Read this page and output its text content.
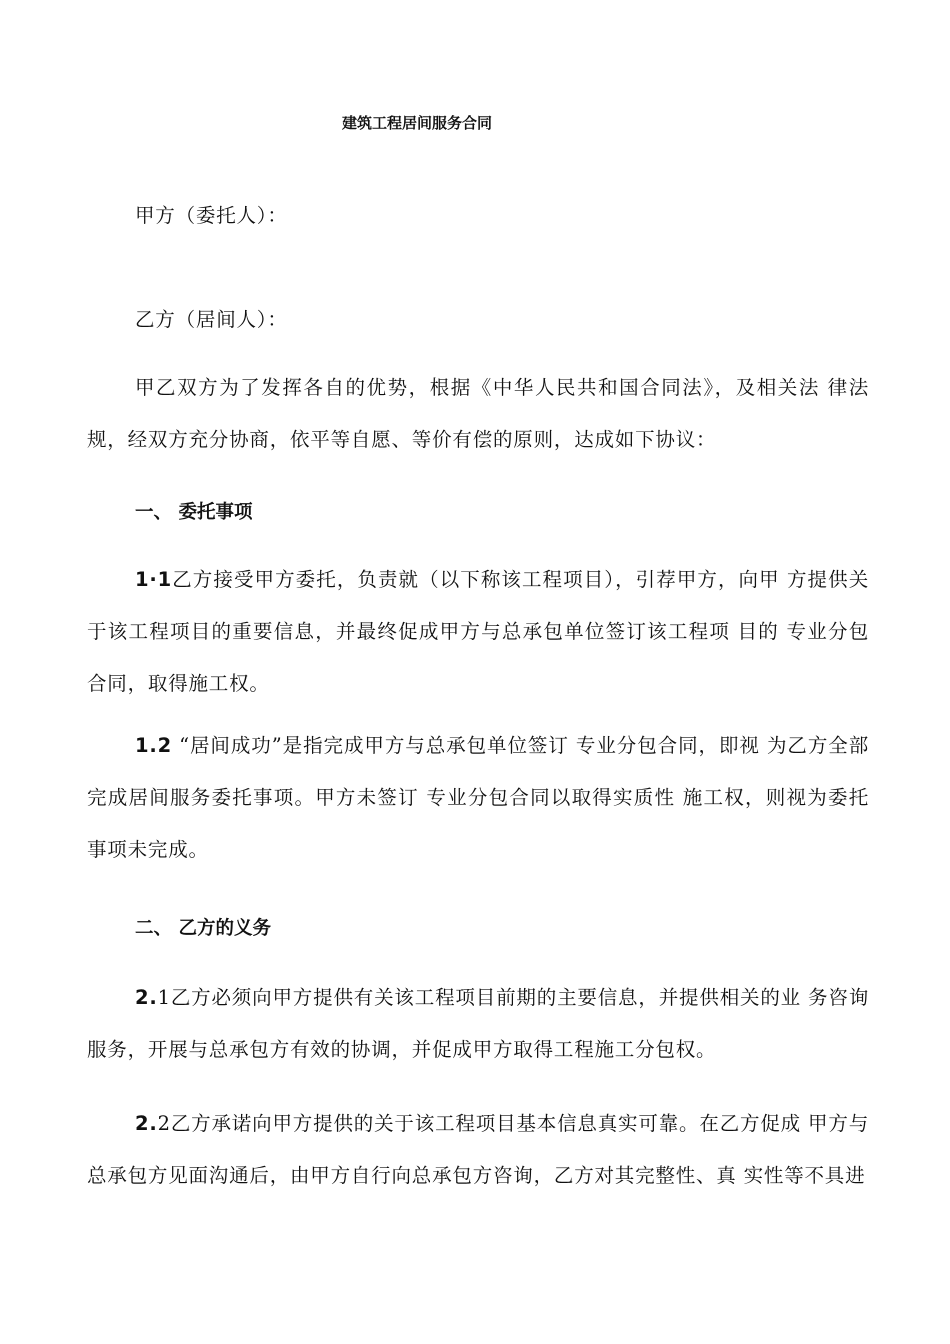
建筑工程居间服务合同
甲方（委托人）：
乙方（居间人）：
甲乙双方为了发挥各自的优势，根据《中华人民共和国合同法》，及相关法 律法规，经双方充分协商，依平等自愿、等价有偿的原则，达成如下协议：
一、 委托事项
1·1乙方接受甲方委托，负责就（以下称该工程项目），引荐甲方，向甲 方提供关于该工程项目的重要信息，并最终促成甲方与总承包单位签订该工程项 目的 专业分包合同，取得施工权。
1.2 “居间成功”是指完成甲方与总承包单位签订 专业分包合同，即视 为乙方全部完成居间服务委托事项。甲方未签订 专业分包合同以取得实质性 施工权，则视为委托事项未完成。
二、 乙方的义务
2.1乙方必须向甲方提供有关该工程项目前期的主要信息，并提供相关的业 务咨询服务，开展与总承包方有效的协调，并促成甲方取得工程施工分包权。
2.2乙方承诺向甲方提供的关于该工程项目基本信息真实可靠。在乙方促成 甲方与总承包方见面沟通后，由甲方自行向总承包方咨询，乙方对其完整性、真 实性等不具进
